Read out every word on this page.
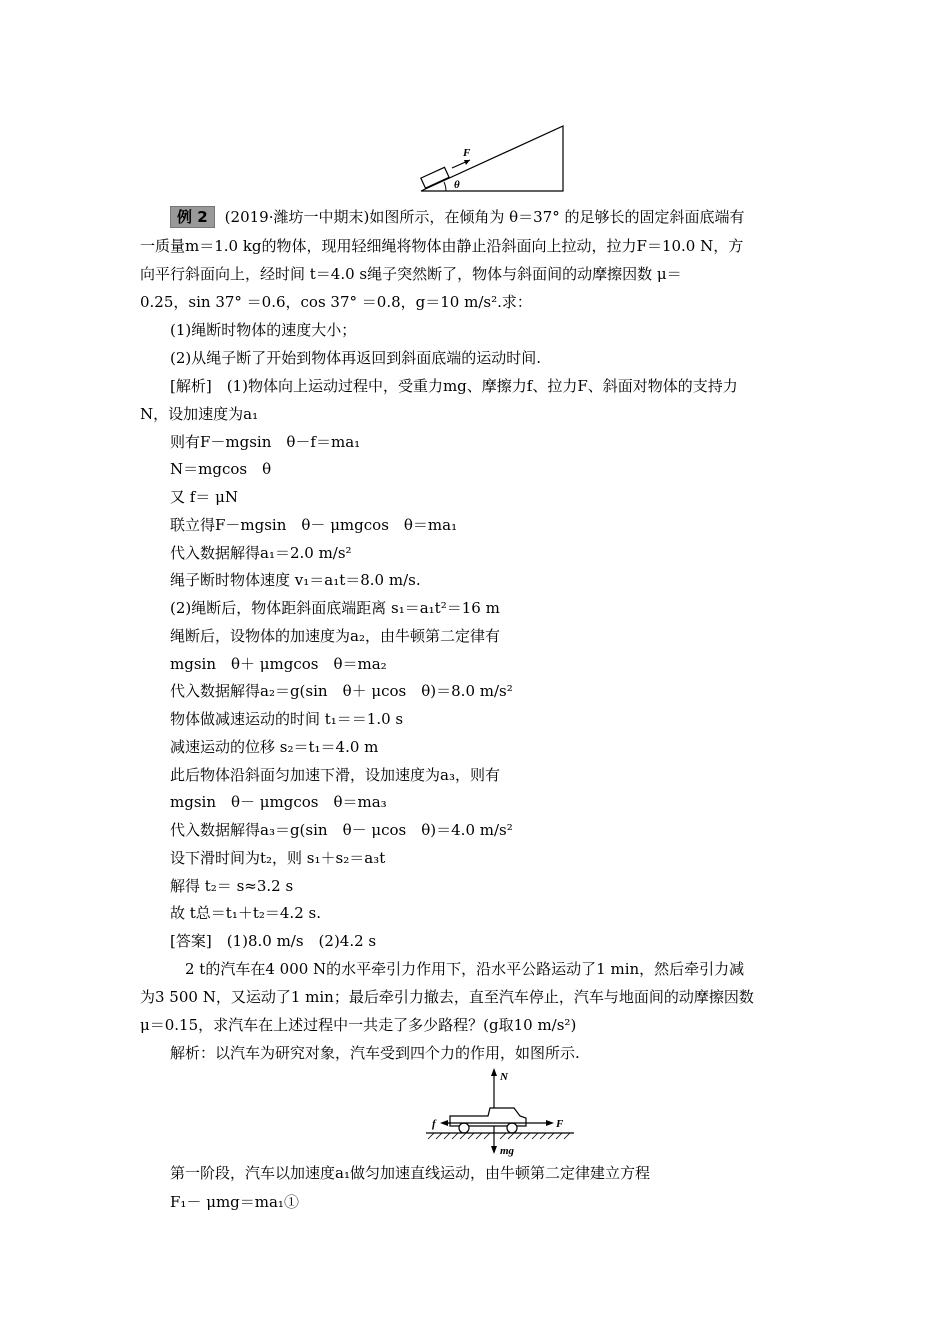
F
θ
例 2 (2019·潍坊一中期末)如图所示，在倾角为 θ＝37° 的足够长的固定斜面底端有
一质量m＝1.0 kg的物体，现用轻细绳将物体由静止沿斜面向上拉动，拉力F＝10.0 N，方
向平行斜面向上，经时间 t＝4.0 s绳子突然断了，物体与斜面间的动摩擦因数 μ＝
0.25，sin 37° ＝0.6，cos 37° ＝0.8，g＝10 m/s².求：
(1)绳断时物体的速度大小；
(2)从绳子断了开始到物体再返回到斜面底端的运动时间.
[解析]　(1)物体向上运动过程中，受重力mg、摩擦力f、拉力F、斜面对物体的支持力
N，设加速度为a₁
则有F－mgsin　θ－f＝ma₁
N＝mgcos　θ
又 f＝ μN
联立得F－mgsin　θ－ μmgcos　θ＝ma₁
代入数据解得a₁＝2.0 m/s²
绳子断时物体速度 v₁＝a₁t＝8.0 m/s.
(2)绳断后，物体距斜面底端距离 s₁＝a₁t²＝16 m
绳断后，设物体的加速度为a₂，由牛顿第二定律有
mgsin　θ＋ μmgcos　θ＝ma₂
代入数据解得a₂＝g(sin　θ＋ μcos　θ)＝8.0 m/s²
物体做减速运动的时间 t₁＝＝1.0 s
减速运动的位移 s₂＝t₁＝4.0 m
此后物体沿斜面匀加速下滑，设加速度为a₃，则有
mgsin　θ－ μmgcos　θ＝ma₃
代入数据解得a₃＝g(sin　θ－ μcos　θ)＝4.0 m/s²
设下滑时间为t₂，则 s₁＋s₂＝a₃t
解得 t₂＝ s≈3.2 s
故 t总＝t₁＋t₂＝4.2 s.
[答案]　(1)8.0 m/s　(2)4.2 s
2 t的汽车在4 000 N的水平牵引力作用下，沿水平公路运动了1 min，然后牵引力减
为3 500 N，又运动了1 min；最后牵引力撤去，直至汽车停止，汽车与地面间的动摩擦因数
μ＝0.15，求汽车在上述过程中一共走了多少路程？(g取10 m/s²)
解析：以汽车为研究对象，汽车受到四个力的作用，如图所示.
N
mg
F
f
第一阶段，汽车以加速度a₁做匀加速直线运动，由牛顿第二定律建立方程
F₁－ μmg＝ma₁①
